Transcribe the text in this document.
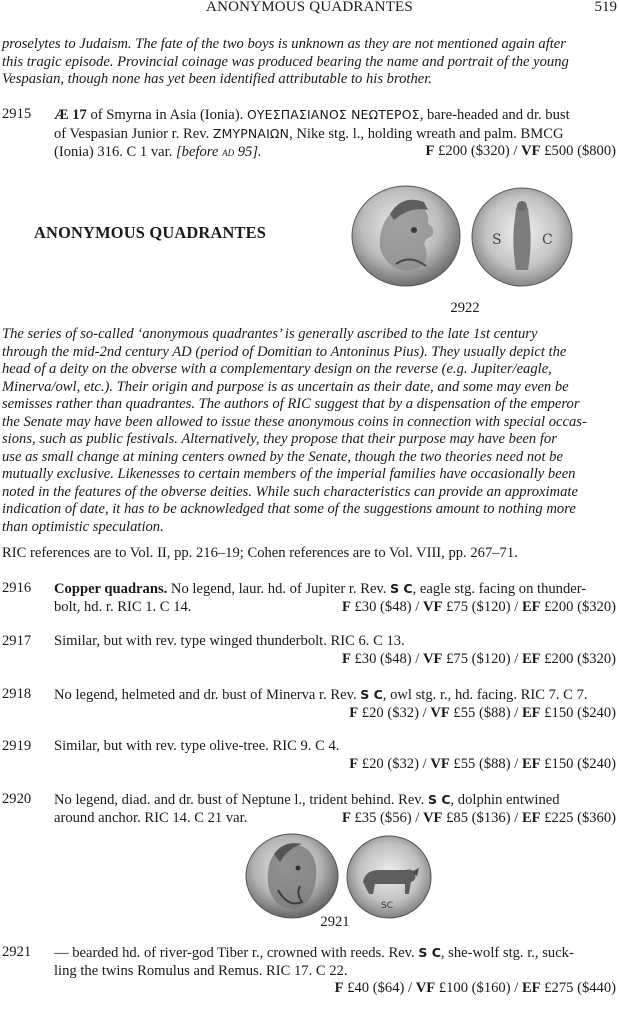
ANONYMOUS QUADRANTES	519

proselytes to Judaism. The fate of the two boys is unknown as they are not mentioned again after

this tragic episode. Provincial coinage was produced bearing the name and portrait of the young

Vespasian, though none has yet been identified attributable to his brother.

2915	Æ 17 of Smyrna in Asia (Ionia). ΟΥΕΣΠΑΣΙΑΝΟΣ ΝΕΩΤΕΡΟΣ, bare-headed and dr. bust
of Vespasian Junior r. Rev. ΖΜΥΡΝΑΙΩΝ, Nike stg. l., holding wreath and palm. BMCG
(Ionia) 316. C 1 var. [before ad 95].	F £200 ($320) / VF £500 ($800)
ANONYMOUS QUADRANTES	S	C
2922

The series of so-called ‘anonymous quadrantes’ is generally ascribed to the late 1st century

through the mid-2nd century AD (period of Domitian to Antoninus Pius). They usually depict the

head of a deity on the obverse with a complementary design on the reverse (e.g. Jupiter/eagle,

Minerva/owl, etc.). Their origin and purpose is as uncertain as their date, and some may even be

semisses rather than quadrantes. The authors of RIC suggest that by a dispensation of the emperor

the Senate may have been allowed to issue these anonymous coins in connection with special occas-

sions, such as public festivals. Alternatively, they propose that their purpose may have been for

use as small change at mining centers owned by the Senate, though the two theories need not be

mutually exclusive. Likenesses to certain members of the imperial families have occasionally been

noted in the features of the obverse deities. While such characteristics can provide an approximate

indication of date, it has to be acknowledged that some of the suggestions amount to nothing more

than optimistic speculation.

RIC references are to Vol. II, pp. 216–19; Cohen references are to Vol. VIII, pp. 267–71.
2916	Copper quadrans. No legend, laur. hd. of Jupiter r. Rev. S C, eagle stg. facing on thunder-
bolt, hd. r. RIC 1. C 14.	F £30 ($48) / VF £75 ($120) / EF £200 ($320)
2917	Similar, but with rev. type winged thunderbolt. RIC 6. C 13.
F £30 ($48) / VF £75 ($120) / EF £200 ($320)
2918	No legend, helmeted and dr. bust of Minerva r. Rev. S C, owl stg. r., hd. facing. RIC 7. C 7.
F £20 ($32) / VF £55 ($88) / EF £150 ($240)
2919	Similar, but with rev. type olive-tree. RIC 9. C 4.
F £20 ($32) / VF £55 ($88) / EF £150 ($240)
2920	No legend, diad. and dr. bust of Neptune l., trident behind. Rev. S C, dolphin entwined
around anchor. RIC 14. C 21 var.	F £35 ($56) / VF £85 ($136) / EF £225 ($360)
SC
2921
2921	— bearded hd. of river-god Tiber r., crowned with reeds. Rev. S C, she-wolf stg. r., suck-
ling the twins Romulus and Remus. RIC 17. C 22.
F £40 ($64) / VF £100 ($160) / EF £275 ($440)
